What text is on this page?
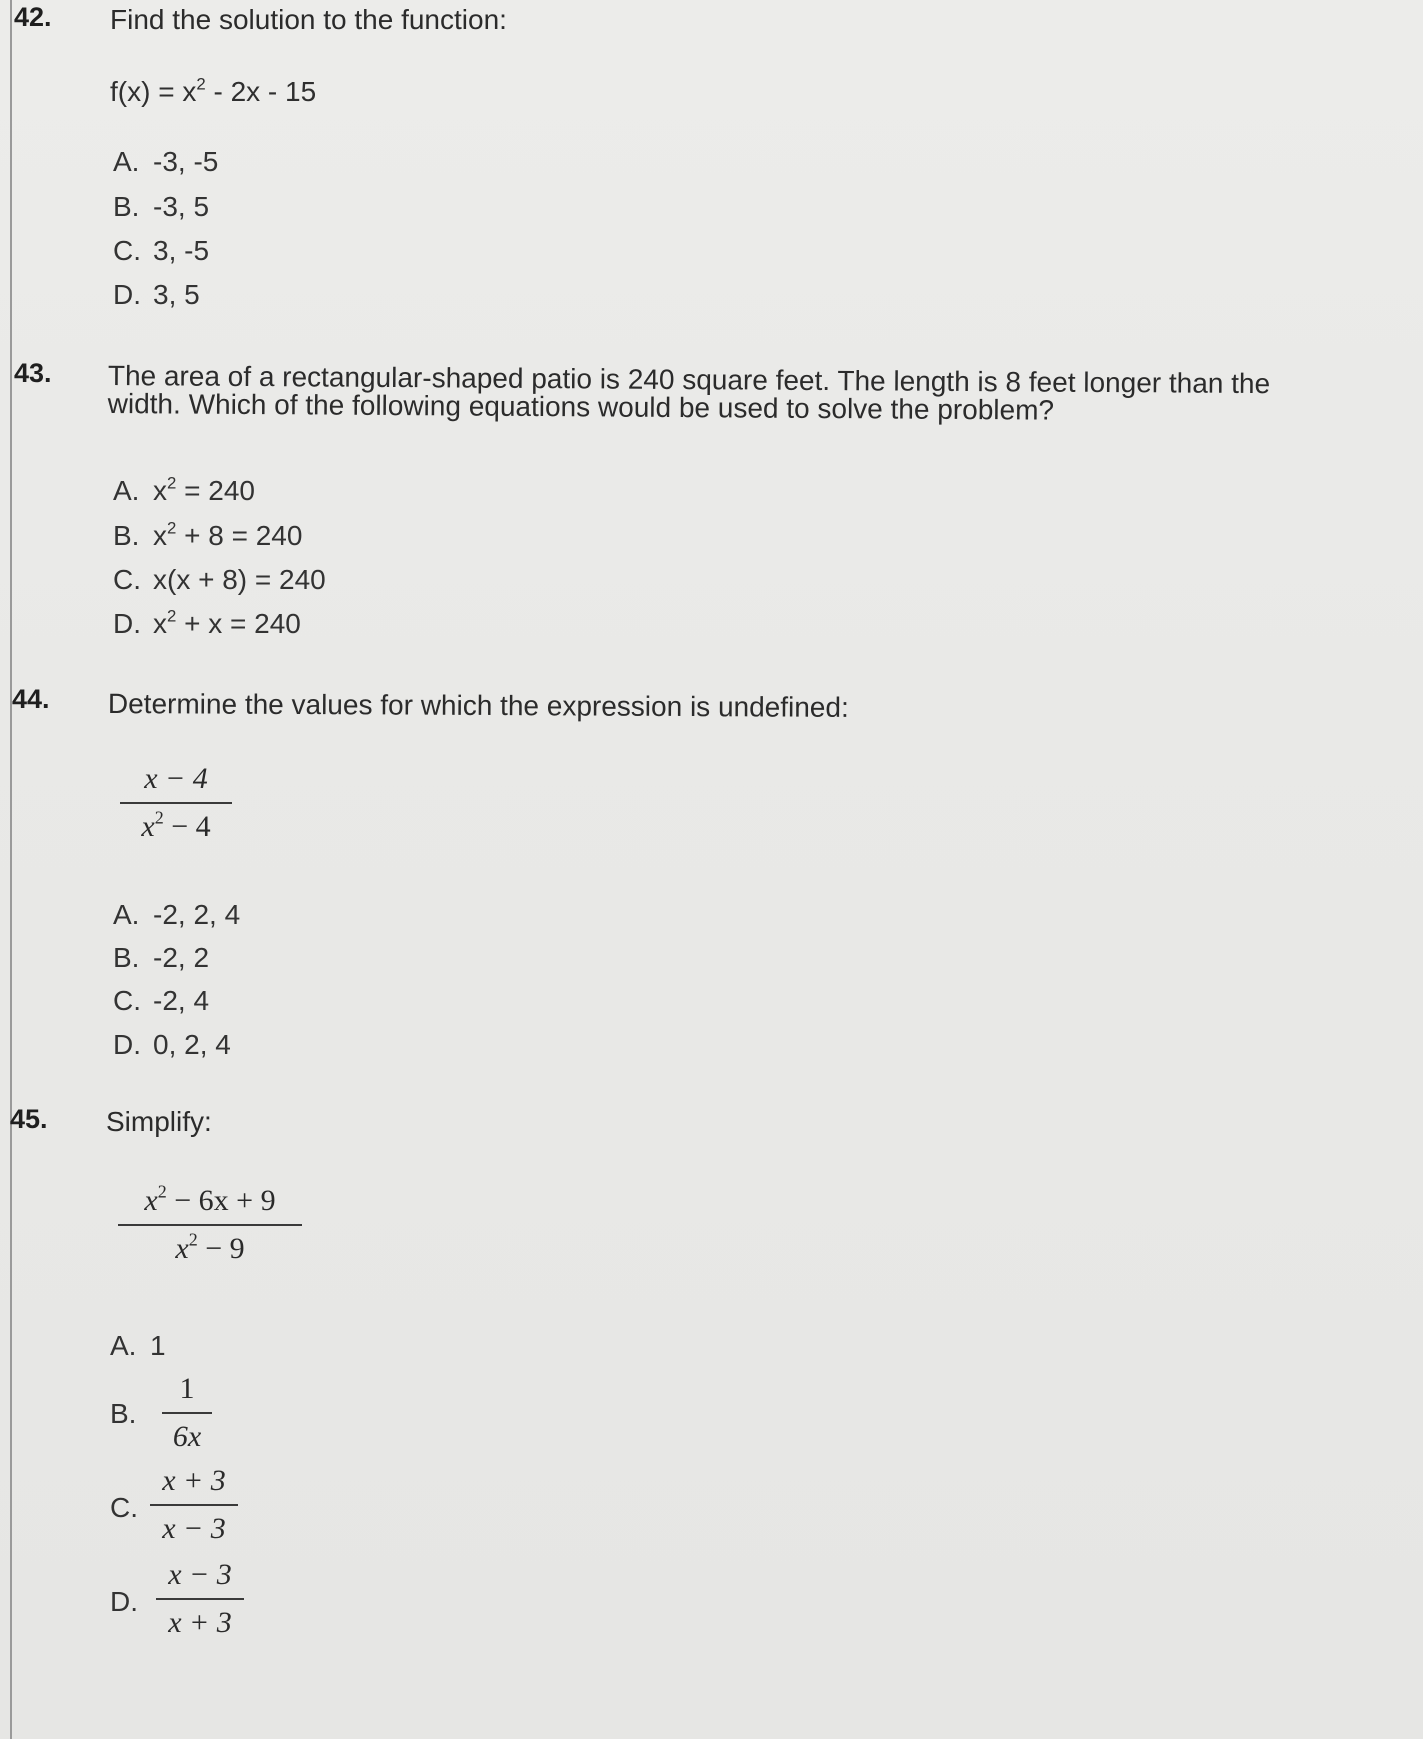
42. Find the solution to the function:
$f(x) = x^2 - 2x - 15$
A. -3, -5
B. -3, 5
C. 3, -5
D. 3, 5
43. The area of a rectangular-shaped patio is 240 square feet. The length is 8 feet longer than the
width. Which of the following equations would be used to solve the problem?
A. $x^2 = 240$
B. $x^2 + 8 = 240$
C. x(x + 8) = 240
D. $x^2 + x = 240$
44. Determine the values for which the expression is undefined:
x − 4
$x^2 - 4$
A. -2, 2, 4
B. -2, 2
C. -2, 4
D. 0, 2, 4
45. Simplify:
$x^2 - 6x + 9$
$x^2 - 9$
A. 1
B.
1
6x
C.
x + 3
x − 3
D.
x − 3
x + 3
